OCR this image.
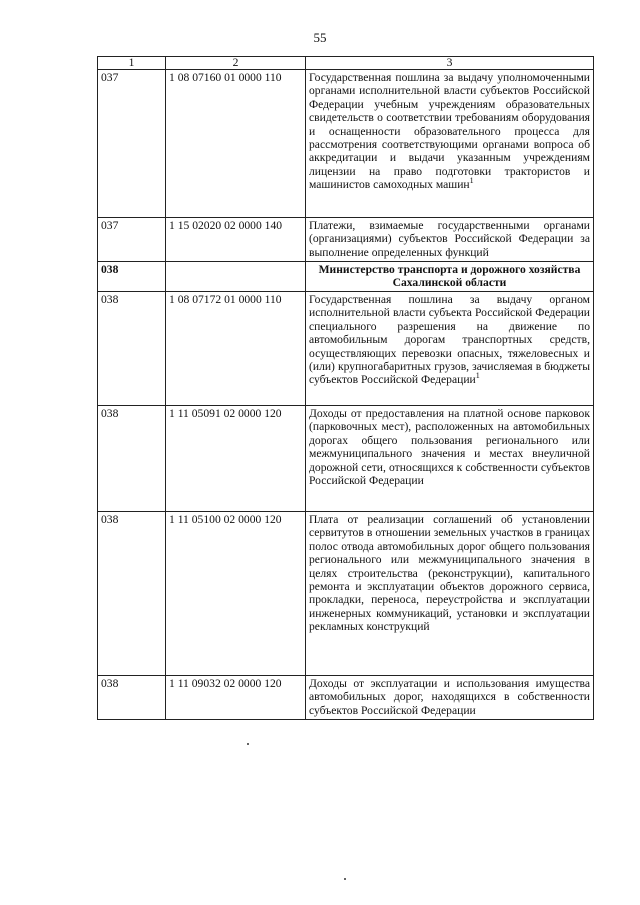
55
1	2	3
037	1 08 07160 01 0000 110	Государственная пошлина за выдачу уполномоченными органами исполнительной власти субъектов Российской Федерации учебным учреждениям образовательных свидетельств о соответствии требованиям оборудования и оснащенности образовательного процесса для рассмотрения соответствующими органами вопроса об аккредитации и выдачи указанным учреждениям лицензии на право подготовки трактористов и машинистов самоходных машин$^1$
037	1 15 02020 02 0000 140	Платежи, взимаемые государственными органами (организациями) субъектов Российской Федерации за выполнение определенных функций
038		Министерство транспорта и дорожного хозяйства Сахалинской области
038	1 08 07172 01 0000 110	Государственная пошлина за выдачу органом исполнительной власти субъекта Российской Федерации специального разрешения на движение по автомобильным дорогам транспортных средств, осуществляющих перевозки опасных, тяжеловесных и (или) крупногабаритных грузов, зачисляемая в бюджеты субъектов Российской Федерации$^1$
038	1 11 05091 02 0000 120	Доходы от предоставления на платной основе парковок (парковочных мест), расположенных на автомобильных дорогах общего пользования регионального или межмуниципального значения и местах внеуличной дорожной сети, относящихся к собственности субъектов Российской Федерации
038	1 11 05100 02 0000 120	Плата от реализации соглашений об установлении сервитутов в отношении земельных участков в границах полос отвода автомобильных дорог общего пользования регионального или межмуниципального значения в целях строительства (реконструкции), капитального ремонта и эксплуатации объектов дорожного сервиса, прокладки, переноса, переустройства и эксплуатации инженерных коммуникаций, установки и эксплуатации рекламных конструкций
038	1 11 09032 02 0000 120	Доходы от эксплуатации и использования имущества автомобильных дорог, находящихся в собственности субъектов Российской Федерации
